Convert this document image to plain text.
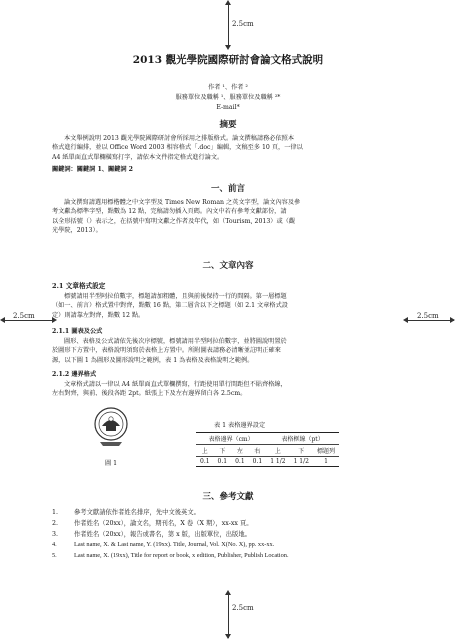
2.5cm
2.5cm	2.5cm
2.5cm
2013 觀光學院國際研討會論文格式說明
作者 ¹、作者 ²
服務單位及職稱 ¹、服務單位及職稱 ²*
E-mail*
摘要
本文舉例說明 2013 觀光學院國際研討會所採用之排版格式。論文撰稿請務必依照本
格式進行編排，並以 Office Word 2003 相容格式「.doc」編輯，文稿至多 10 頁，一律以
A4 紙單面直式單欄橫寫打字，請依本文件指定格式進行論文。
關鍵詞：關鍵詞 1、關鍵詞 2
一、前言
論文撰寫請選用標楷體之中文字型及 Times New Roman 之英文字型，論文內容及參
考文獻為標準字型，點數為 12 點，完稿請勿插入頁碼。內文中若有參考文獻部份，請
以全形括號（）表示之，在括號中寫明文獻之作者及年代，如（Tourism, 2013）或（觀
光學院，2013）。
二、文章內容
2.1 文章格式設定
標號請用半型阿拉伯數字，標題請加粗體，且與前後保持一行的間隔。第一層標題
（如一、前言）格式置中對齊，點數 16 點，第二層含以下之標題（如 2.1 文章格式設
定）則請靠左對齊，點數 12 點。
2.1.1 圖表及公式
圖形、表格及公式請依先後次序標號，標號請用半型阿拉伯數字，並將圖說明置於
於圖形下方置中，表格說明須寫於表格上方置中。所附圖表請務必清晰並註明正確來
源，以下圖 1 為圖形及圖形說明之範例，表 1 為表格及表格說明之範例。
2.1.2 邊界格式
文章格式請以一律以 A4 紙單面直式單欄撰寫，行距使用單行間距但不貼齊格線，
左右對齊，與前、後段各距 2pt。紙張上下及左右邊界留白各 2.5cm。
圖 1
表 1 表格邊界設定
表格邊界（cm）				表格框線（pt）		
上	下	左	右	上	下	標題列
0.1	0.1	0.1	0.1	1 1/2	1 1/2	1
三、參考文獻
1.	參考文獻請依作者姓名排序，先中文後英文。
2.	作者姓名（20xx），論文名，期刊名，X 卷（X 期），xx-xx 頁。
3.	作者姓名（20xx），報告或書名，第 x 版，出版單位，出版地。
4.	Last name, X. & Last name, Y. (19xx). Title, Journal, Vol. X(No. X), pp. xx-xx.
5.	Last name, X. (19xx), Title for report or book, x edition, Publisher, Publish Location.
